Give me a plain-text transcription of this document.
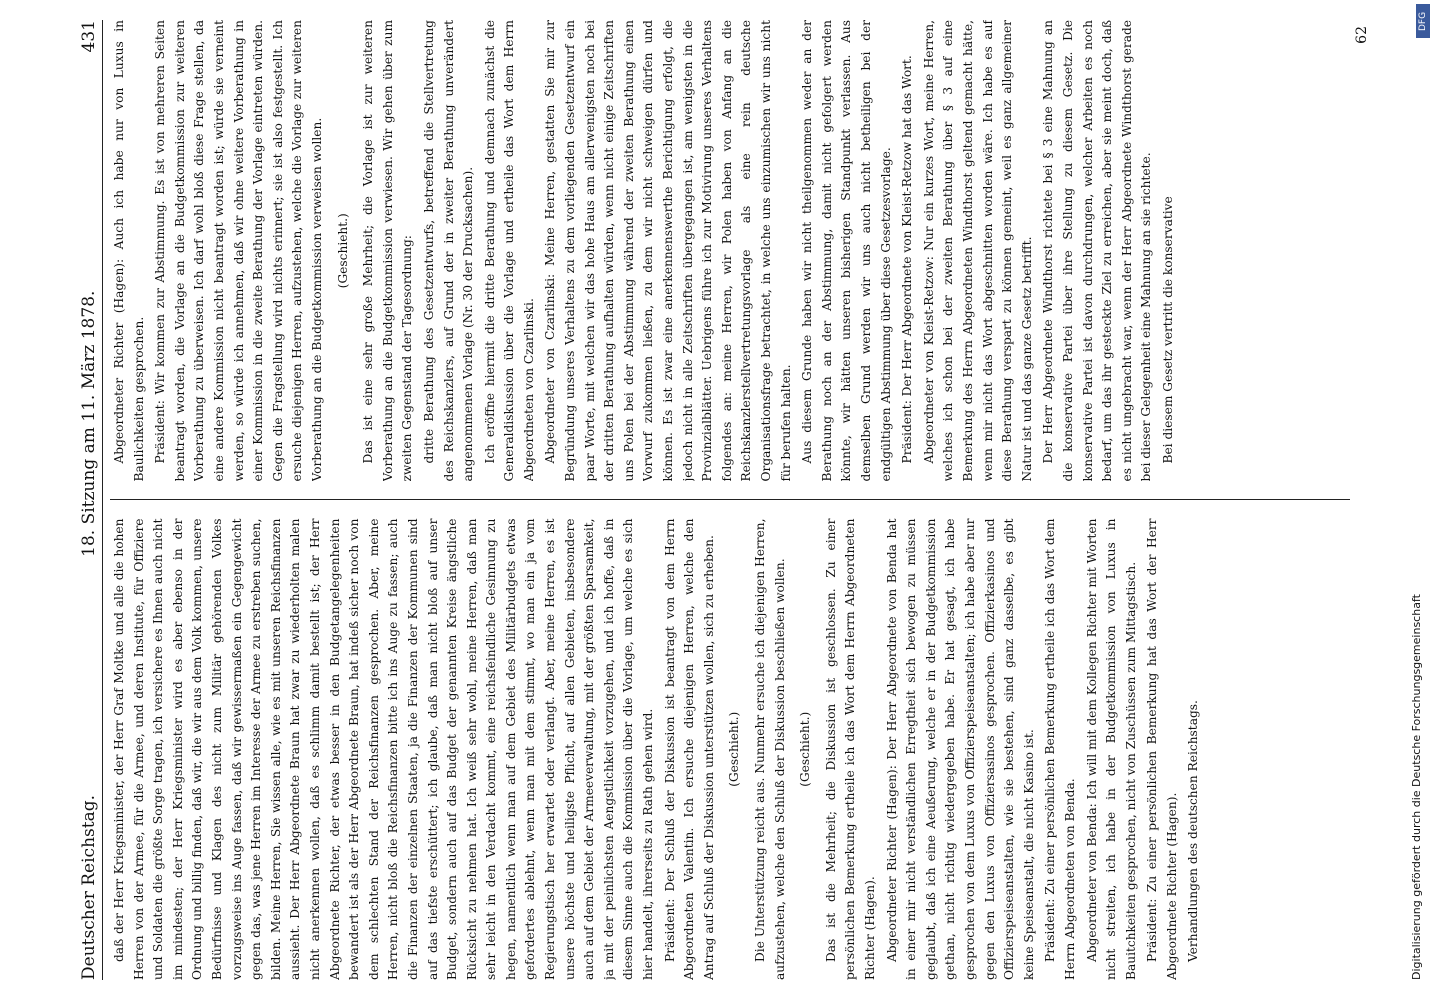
Deutscher Reichstag.
18. Sitzung am 11. März 1878.
431

daß der Herr Kriegsminister, der Herr Graf Moltke und alle die hohen Herren von der Armee, für die Armee, und deren Institute, für Offiziere und Soldaten die größte Sorge tragen, ich versichere es Ihnen auch nicht im mindesten; der Herr Kriegsminister wird es aber ebenso in der Ordnung und billig finden, daß wir, die wir aus dem Volk kommen, unsere Bedürfnisse und Klagen des nicht zum Militär gehörenden Volkes vorzugsweise ins Auge fassen, daß wir gewissermaßen ein Gegengewicht gegen das, was jene Herren im Interesse der Armee zu erstreben suchen, bilden. Meine Herren, Sie wissen alle, wie es mit unseren Reichsfinanzen aussieht. Der Herr Abgeordnete Braun hat zwar zu wiederholten malen nicht anerkennen wollen, daß es schlimm damit bestellt ist; der Herr Abgeordnete Richter, der etwas besser in den Budgetangelegenheiten bewandert ist als der Herr Abgeordnete Braun, hat indeß sicher noch von dem schlechten Stand der Reichsfinanzen gesprochen. Aber, meine Herren, nicht bloß die Reichsfinanzen bitte ich ins Auge zu fassen; auch die Finanzen der einzelnen Staaten, ja die Finanzen der Kommunen sind auf das tiefste erschüttert; ich glaube, daß man nicht bloß auf unser Budget, sondern auch auf das Budget der genannten Kreise ängstliche Rücksicht zu nehmen hat. Ich weiß sehr wohl, meine Herren, daß man sehr leicht in den Verdacht kommt, eine reichsfeindliche Gesinnung zu hegen, namentlich wenn man auf dem Gebiet des Militärbudgets etwas gefordertes ablehnt, wenn man mit dem stimmt, wo man ein ja vom Regierungstisch her erwartet oder verlangt. Aber, meine Herren, es ist unsere höchste und heiligste Pflicht, auf allen Gebieten, insbesondere auch auf dem Gebiet der Armeeverwaltung, mit der größten Sparsamkeit, ja mit der peinlichsten Aengstlichkeit vorzugehen, und ich hoffe, daß in diesem Sinne auch die Kommission über die Vorlage, um welche es sich hier handelt, ihrerseits zu Rath gehen wird. Präsident: Der Schluß der Diskussion ist beantragt von dem Herrn Abgeordneten Valentin. Ich ersuche diejenigen Herren, welche den Antrag auf Schluß der Diskussion unterstützen wollen, sich zu erheben. (Geschieht.) Die Unterstützung reicht aus. Nunmehr ersuche ich diejenigen Herren, aufzustehen, welche den Schluß der Diskussion beschließen wollen. (Geschieht.) Das ist die Mehrheit; die Diskussion ist geschlossen. Zu einer persönlichen Bemerkung ertheile ich das Wort dem Herrn Abgeordneten Richter (Hagen). Abgeordneter Richter (Hagen): Der Herr Abgeordnete von Benda hat in einer mir nicht verständlichen Erregtheit sich bewogen zu müssen geglaubt, daß ich eine Aeußerung, welche er in der Budgetkommission gethan, nicht richtig wiedergegeben habe. Er hat gesagt, ich habe gesprochen von dem Luxus von Offizierspeiseanstalten; ich habe aber nur gegen den Luxus von Offiziersasinos gesprochen. Offizierkasinos und Offizierspeiseanstalten, wie sie bestehen, sind ganz dasselbe, es gibt keine Speiseanstalt, die nicht Kasino ist. Präsident: Zu einer persönlichen Bemerkung ertheile ich das Wort dem Herrn Abgeordneten von Benda. Abgeordneter von Benda: Ich will mit dem Kollegen Richter mit Worten nicht streiten, ich habe in der Budgetkommission von Luxus in Bauitchkeiten gesprochen, nicht von Zuschüssen zum Mittagstisch. Präsident: Zu einer persönlichen Bemerkung hat das Wort der Herr Abgeordnete Richter (Hagen). Verhandlungen des deutschen Reichstags.

Abgeordneter Richter (Hagen): Auch ich habe nur von Luxus in Baulichkeiten gesprochen. Präsident: Wir kommen zur Abstimmung. Es ist von mehreren Seiten beantragt worden, die Vorlage an die Budgetkommission zur weiteren Vorberathung zu überweisen. Ich darf wohl bloß diese Frage stellen, da eine andere Kommission nicht beantragt worden ist; würde sie verneint werden, so würde ich annehmen, daß wir ohne weitere Vorberathung in einer Kommission in die zweite Berathung der Vorlage eintreten würden. Gegen die Fragstellung wird nichts erinnert; sie ist also festgestellt. Ich ersuche diejenigen Herren, aufzustehen, welche die Vorlage zur weiteren Vorberathung an die Budgetkommission verweisen wollen. (Geschieht.) Das ist eine sehr große Mehrheit; die Vorlage ist zur weiteren Vorberathung an die Budgetkommission verwiesen. Wir gehen über zum zweiten Gegenstand der Tagesordnung: dritte Berathung des Gesetzentwurfs, betreffend die Stellvertretung des Reichskanzlers, auf Grund der in zweiter Berathung unverändert angenommenen Vorlage (Nr. 30 der Drucksachen). Ich eröffne hiermit die dritte Berathung und demnach zunächst die Generaldiskussion über die Vorlage und ertheile das Wort dem Herrn Abgeordneten von Czarlinski. Abgeordneter von Czarlinski: Meine Herren, gestatten Sie mir zur Begründung unseres Verhaltens zu dem vorliegenden Gesetzentwurf ein paar Worte, mit welchen wir das hohe Haus am allerwenigsten noch bei der dritten Berathung aufhalten würden, wenn nicht einige Zeitschriften uns Polen bei der Abstimmung während der zweiten Berathung einen Vorwurf zukommen ließen, zu dem wir nicht schweigen dürfen und können. Es ist zwar eine anerkennenswerthe Berichtigung erfolgt, die jedoch nicht in alle Zeitschriften übergegangen ist, am wenigsten in die Provinzialblätter. Uebrigens führe ich zur Motivirung unseres Verhaltens folgendes an: meine Herren, wir Polen haben von Anfang an die Reichskanzlerstellvertretungsvorlage als eine rein deutsche Organisationsfrage betrachtet, in welche uns einzumischen wir uns nicht für berufen halten. Aus diesem Grunde haben wir nicht theilgenommen weder an der Berathung noch an der Abstimmung, damit nicht gefolgert werden könnte, wir hätten unseren bisherigen Standpunkt verlassen. Aus demselben Grund werden wir uns auch nicht betheiligen bei der endgültigen Abstimmung über diese Gesetzesvorlage. Präsident: Der Herr Abgeordnete von Kleist-Retzow hat das Wort. Abgeordneter von Kleist-Retzow: Nur ein kurzes Wort, meine Herren, welches ich schon bei der zweiten Berathung über § 3 auf eine Bemerkung des Herrn Abgeordneten Windthorst geltend gemacht hätte, wenn mir nicht das Wort abgeschnitten worden wäre. Ich habe es auf diese Berathung verspart zu können gemeint, weil es ganz allgemeiner Natur ist und das ganze Gesetz betrifft. Der Herr Abgeordnete Windthorst richtete bei § 3 eine Mahnung an die konservative Partei über ihre Stellung zu diesem Gesetz. Die konservative Partei ist davon durchdrungen, welcher Arbeiten es noch bedarf, um das ihr gesteckte Ziel zu erreichen, aber sie meint doch, daß es nicht ungebracht war, wenn der Herr Abgeordnete Windthorst gerade bei dieser Gelegenheit eine Mahnung an sie richtete. Bei diesem Gesetz vertritt die konservative

62
Digitalisierung gefördert durch die Deutsche Forschungsgemeinschaft
DFG
